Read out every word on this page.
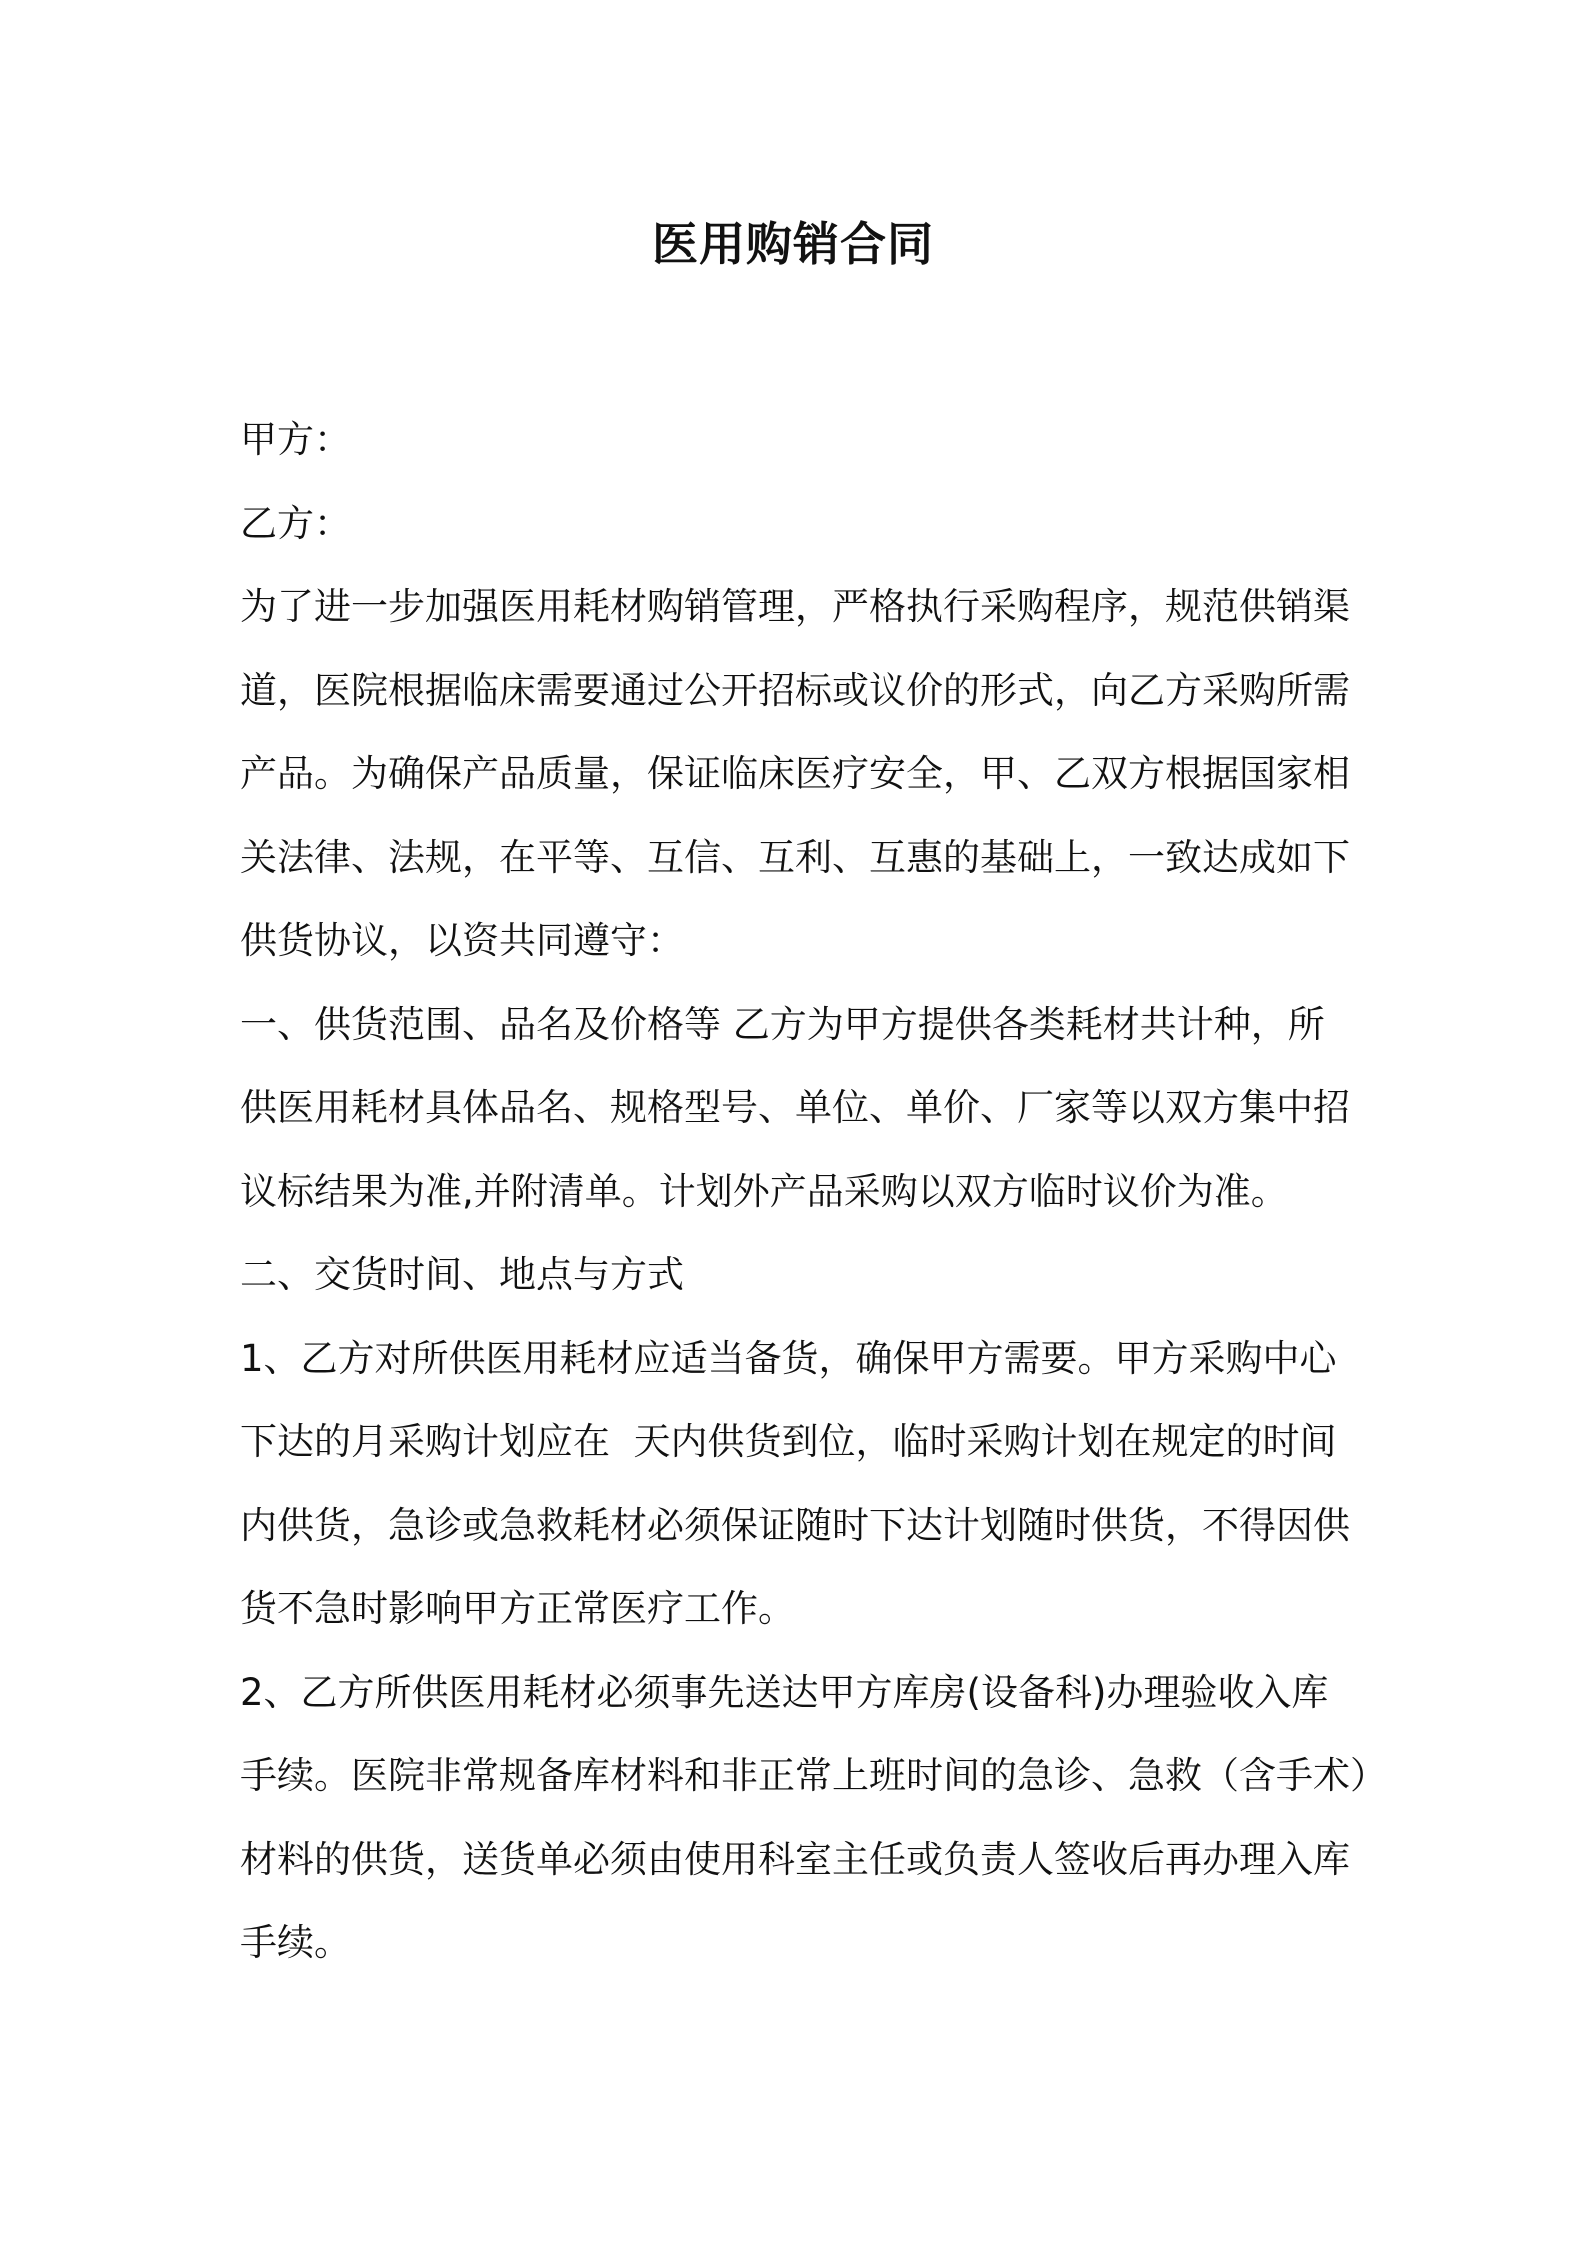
医用购销合同
甲方：
乙方：
为了进一步加强医用耗材购销管理，严格执行采购程序，规范供销渠
道，医院根据临床需要通过公开招标或议价的形式，向乙方采购所需
产品。为确保产品质量，保证临床医疗安全，甲、乙双方根据国家相
关法律、法规，在平等、互信、互利、互惠的基础上，一致达成如下
供货协议，以资共同遵守：
一、供货范围、品名及价格等 乙方为甲方提供各类耗材共计种，所
供医用耗材具体品名、规格型号、单位、单价、厂家等以双方集中招
议标结果为准,并附清单。计划外产品采购以双方临时议价为准。
二、交货时间、地点与方式
1、乙方对所供医用耗材应适当备货，确保甲方需要。甲方采购中心
下达的月采购计划应在  天内供货到位，临时采购计划在规定的时间
内供货，急诊或急救耗材必须保证随时下达计划随时供货，不得因供
货不急时影响甲方正常医疗工作。
2、乙方所供医用耗材必须事先送达甲方库房(设备科)办理验收入库
手续。医院非常规备库材料和非正常上班时间的急诊、急救（含手术）
材料的供货，送货单必须由使用科室主任或负责人签收后再办理入库
手续。
